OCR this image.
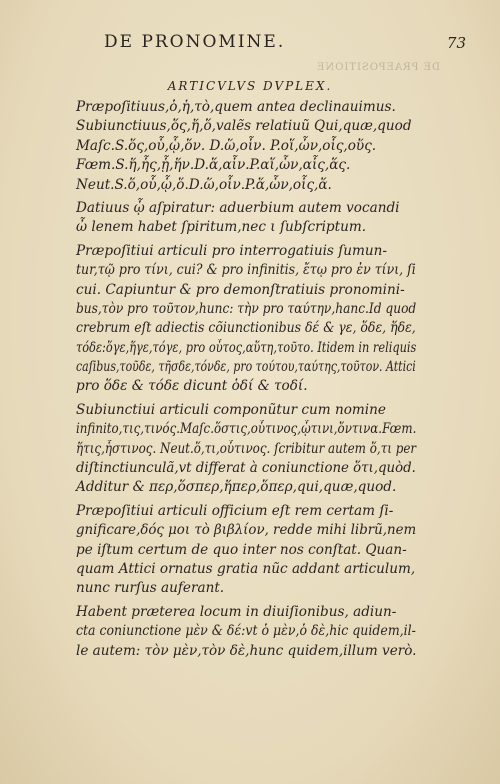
DE PRONOMINE.	73
DE PRAEPOSITIONE
ARTICVLVS DVPLEX.
Præpoſitiuus,ὁ,ἡ,τὸ,quem antea declinauimus.
Subiunctiuus,ὅς,ἥ,ὅ,valẽs relatiuũ Qui,quæ,quod
Maſc.S.ὅς,οὗ,ᾧ,ὅν. D.ὥ,οἷν. P.οἵ,ὧν,οἷς,οὕς.
Fœm.S.ἥ,ἧς,ᾗ,ἥν.D.ἅ,αἷν.P.αἵ,ὧν,αἷς,ἅς.
Neut.S.ὅ,οὗ,ᾧ,ὅ.D.ὥ,οἷν.P.ἅ,ὧν,οἷς,ἅ.
Datiuus ᾧ aſpiratur: aduerbium autem vocandi
ὦ lenem habet ſpiritum,nec ι ſubſcriptum.
Præpoſitiui articuli pro interrogatiuis ſumun-
tur,τῷ pro τίνι, cui? & pro infinitis, ἔτῳ pro ἐν τίνι, ſi
cui. Capiuntur & pro demonſtratiuis pronomini-
bus,τὸν pro τοῦτον,hunc: τὴν pro ταύτην,hanc.Id quod
crebrum eſt adiectis cõiunctionibus δέ & γε, ὅδε, ἥδε,
τόδε:ὅγε,ἥγε,τόγε, pro οὗτος,αὕτη,τοῦτο. Itidem in reliquis
caſibus,τοῦδε, τῆσδε,τόνδε, pro τούτου,ταύτης,τοῦτον. Attici
pro ὅδε & τόδε dicunt ὁδί & τοδί.
Subiunctiui articuli componũtur cum nomine
infinito,τις,τινός.Maſc.ὅστις,οὗτινος,ᾧτινι,ὅντινα.Fœm.
ἥτις,ἧστινος. Neut.ὅ,τι,οὗτινος. ſcribitur autem ὅ,τι per
diſtinctiunculã,vt differat à coniunctione ὅτι,quòd.
Additur & περ,ὅσπερ,ἥπερ,ὅπερ,qui,quæ,quod.
Præpoſitiui articuli officium eſt rem certam ſi-
gnificare,δός μοι τὸ βιβλίον, redde mihi librũ,nem
pe iſtum certum de quo inter nos conſtat. Quan-
quam Attici ornatus gratia nũc addant articulum,
nunc rurſus auferant.
Habent præterea locum in diuiſionibus, adiun-
cta coniunctione μὲν & δέ:vt ὁ μὲν,ὁ δὲ,hic quidem,il-
le autem: τὸν μὲν,τὸν δὲ,hunc quidem,illum verò.
